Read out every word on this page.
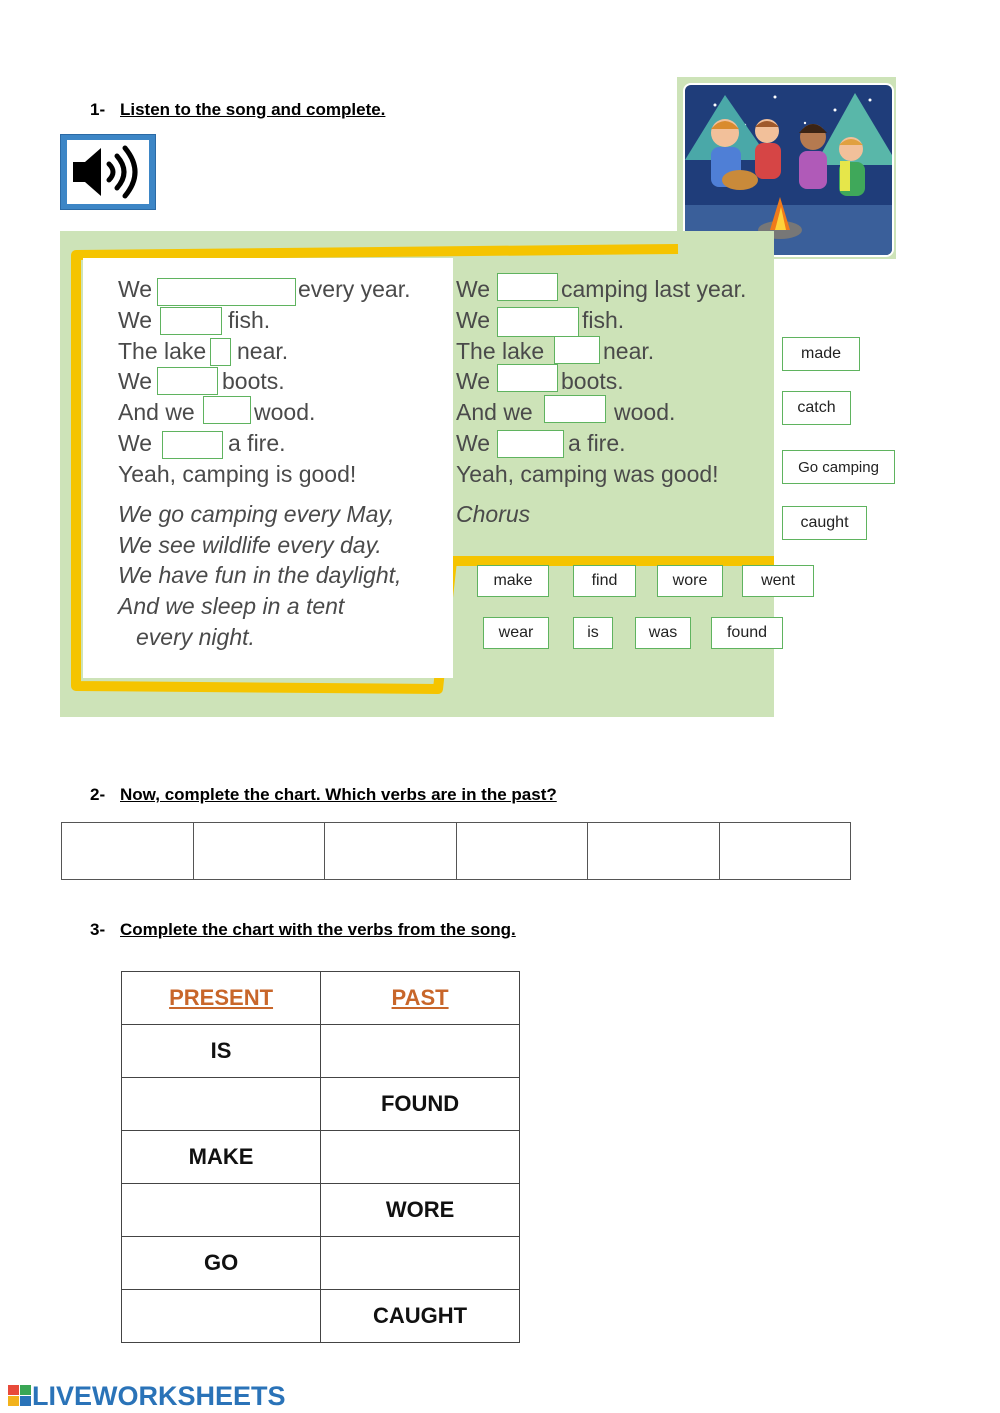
1- Listen to the song and complete.
We	every year.
We	fish.
The lake near.
We	boots.
And we	wood.
We	a fire.
Yeah, camping is good!
We	camping last year.
We	fish.
The lake	near.
We	boots.
And we	wood.
We	a fire.
Yeah, camping was good!
We go camping every May,
We see wildlife every day.
We have fun in the daylight,
And we sleep in a tent
every night.
Chorus
made
catch
Go camping
caught
make	find	wore	went
wear	is	was	found
2- Now, complete the chart. Which verbs are in the past?

3- Complete the chart with the verbs from the song.
PRESENT	PAST
IS	
	FOUND
MAKE	
	WORE
GO	
	CAUGHT
LIVEWORKSHEETS
